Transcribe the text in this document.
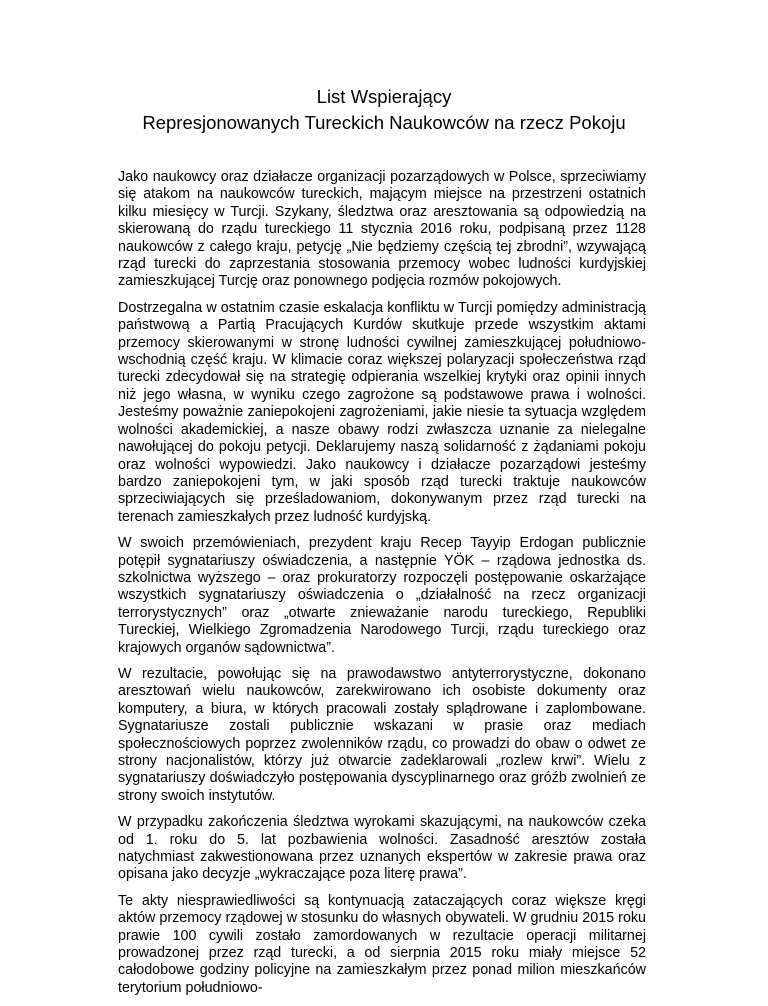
List Wspierający

Represjonowanych Tureckich Naukowców na rzecz Pokoju

Jako naukowcy oraz działacze organizacji pozarządowych w Polsce, sprzeciwiamy się atakom na naukowców tureckich, mającym miejsce na przestrzeni ostatnich kilku miesięcy w Turcji. Szykany, śledztwa oraz aresztowania są odpowiedzią na skierowaną do rządu tureckiego 11 stycznia 2016 roku, podpisaną przez 1128 naukowców z całego kraju, petycję „Nie będziemy częścią tej zbrodni”, wzywającą rząd turecki do zaprzestania stosowania przemocy wobec ludności kurdyjskiej zamieszkującej Turcję oraz ponownego podjęcia rozmów pokojowych.

Dostrzegalna w ostatnim czasie eskalacja konfliktu w Turcji pomiędzy administracją państwową a Partią Pracujących Kurdów skutkuje przede wszystkim aktami przemocy skierowanymi w stronę ludności cywilnej zamieszkującej południowo-wschodnią część kraju. W klimacie coraz większej polaryzacji społeczeństwa rząd turecki zdecydował się na strategię odpierania wszelkiej krytyki oraz opinii innych niż jego własna, w wyniku czego zagrożone są podstawowe prawa i wolności. Jesteśmy poważnie zaniepokojeni zagrożeniami, jakie niesie ta sytuacja względem wolności akademickiej, a nasze obawy rodzi zwłaszcza uznanie za nielegalne nawołującej do pokoju petycji. Deklarujemy naszą solidarność z żądaniami pokoju oraz wolności wypowiedzi. Jako naukowcy i działacze pozarządowi jesteśmy bardzo zaniepokojeni tym, w jaki sposób rząd turecki traktuje naukowców sprzeciwiających się prześladowaniom, dokonywanym przez rząd turecki na terenach zamieszkałych przez ludność kurdyjską.

W swoich przemówieniach, prezydent kraju Recep Tayyip Erdogan publicznie potępił sygnatariuszy oświadczenia, a następnie YÖK – rządowa jednostka ds. szkolnictwa wyższego – oraz prokuratorzy rozpoczęli postępowanie oskarżające wszystkich sygnatariuszy oświadczenia o „działalność na rzecz organizacji terrorystycznych” oraz „otwarte znieważanie narodu tureckiego, Republiki Tureckiej, Wielkiego Zgromadzenia Narodowego Turcji, rządu tureckiego oraz krajowych organów sądownictwa”.

W rezultacie, powołując się na prawodawstwo antyterrorystyczne, dokonano aresztowań wielu naukowców, zarekwirowano ich osobiste dokumenty oraz komputery, a biura, w których pracowali zostały splądrowane i zaplombowane. Sygnatariusze zostali publicznie wskazani w prasie oraz mediach społecznościowych poprzez zwolenników rządu, co prowadzi do obaw o odwet ze strony nacjonalistów, którzy już otwarcie zadeklarowali „rozlew krwi”. Wielu z sygnatariuszy doświadczyło postępowania dyscyplinarnego oraz gróźb zwolnień ze strony swoich instytutów.

W przypadku zakończenia śledztwa wyrokami skazującymi, na naukowców czeka od 1. roku do 5. lat pozbawienia wolności. Zasadność aresztów została natychmiast zakwestionowana przez uznanych ekspertów w zakresie prawa oraz opisana jako decyzje „wykraczające poza literę prawa”.

Te akty niesprawiedliwości są kontynuacją zataczających coraz większe kręgi aktów przemocy rządowej w stosunku do własnych obywateli. W grudniu 2015 roku prawie 100 cywili zostało zamordowanych w rezultacie operacji militarnej prowadzonej przez rząd turecki, a od sierpnia 2015 roku miały miejsce 52 całodobowe godziny policyjne na zamieszkałym przez ponad milion mieszkańców terytorium południowo-
